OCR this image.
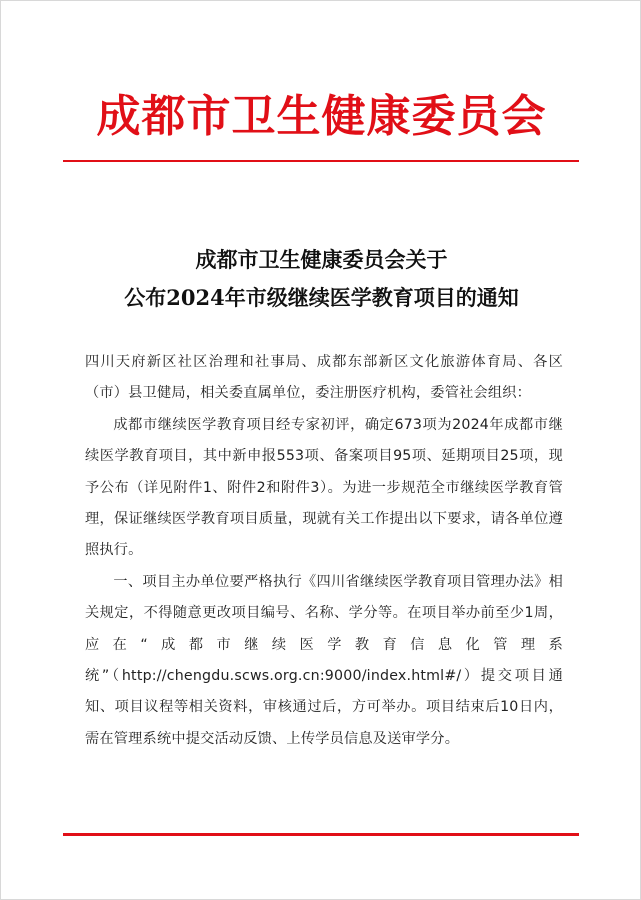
成都市卫生健康委员会
成都市卫生健康委员会关于
公布2024年市级继续医学教育项目的通知

四川天府新区社区治理和社事局、成都东部新区文化旅游体育局、各区（市）县卫健局，相关委直属单位，委注册医疗机构，委管社会组织：

成都市继续医学教育项目经专家初评，确定673项为2024年成都市继续医学教育项目，其中新申报553项、备案项目95项、延期项目25项，现予公布（详见附件1、附件2和附件3）。为进一步规范全市继续医学教育管理，保证继续医学教育项目质量，现就有关工作提出以下要求，请各单位遵照执行。

一、项目主办单位要严格执行《四川省继续医学教育项目管理办法》相关规定，不得随意更改项目编号、名称、学分等。在项目举办前至少1周，应在“成都市继续医学教育信息化管理系统”（http://chengdu.scws.org.cn:9000/index.html#/）提交项目通知、项目议程等相关资料，审核通过后，方可举办。项目结束后10日内，需在管理系统中提交活动反馈、上传学员信息及送审学分。
